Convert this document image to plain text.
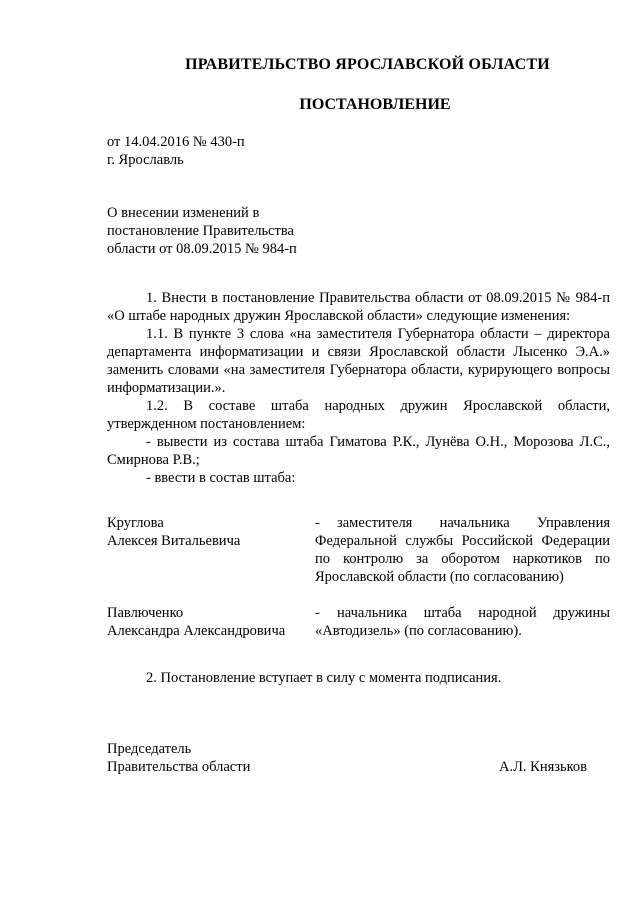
ПРАВИТЕЛЬСТВО ЯРОСЛАВСКОЙ ОБЛАСТИ
ПОСТАНОВЛЕНИЕ
от 14.04.2016 № 430-п
г. Ярославль
О внесении изменений в
постановление Правительства
области от 08.09.2015 № 984-п

1. Внести в постановление Правительства области от 08.09.2015 № 984-п «О штабе народных дружин Ярославской области» следующие изменения:

1.1. В пункте 3 слова «на заместителя Губернатора области – директора департамента информатизации и связи Ярославской области Лысенко Э.А.» заменить словами «на заместителя Губернатора области, курирующего вопросы информатизации.».

1.2. В составе штаба народных дружин Ярославской области, утвержденном постановлением:

- вывести из состава штаба Гиматова Р.К., Лунёва О.Н., Морозова Л.С., Смирнова Р.В.;

- ввести в состав штаба:

Круглова
Алексея Витальевича
- заместителя начальника Управления Федеральной службы Российской Федерации по контролю за оборотом наркотиков по Ярославской области (по согласованию)
Павлюченко
Александра Александровича
- начальника штаба народной дружины «Автодизель» (по согласованию).
2. Постановление вступает в силу с момента подписания.
Председатель
Правительства области	А.Л. Князьков
